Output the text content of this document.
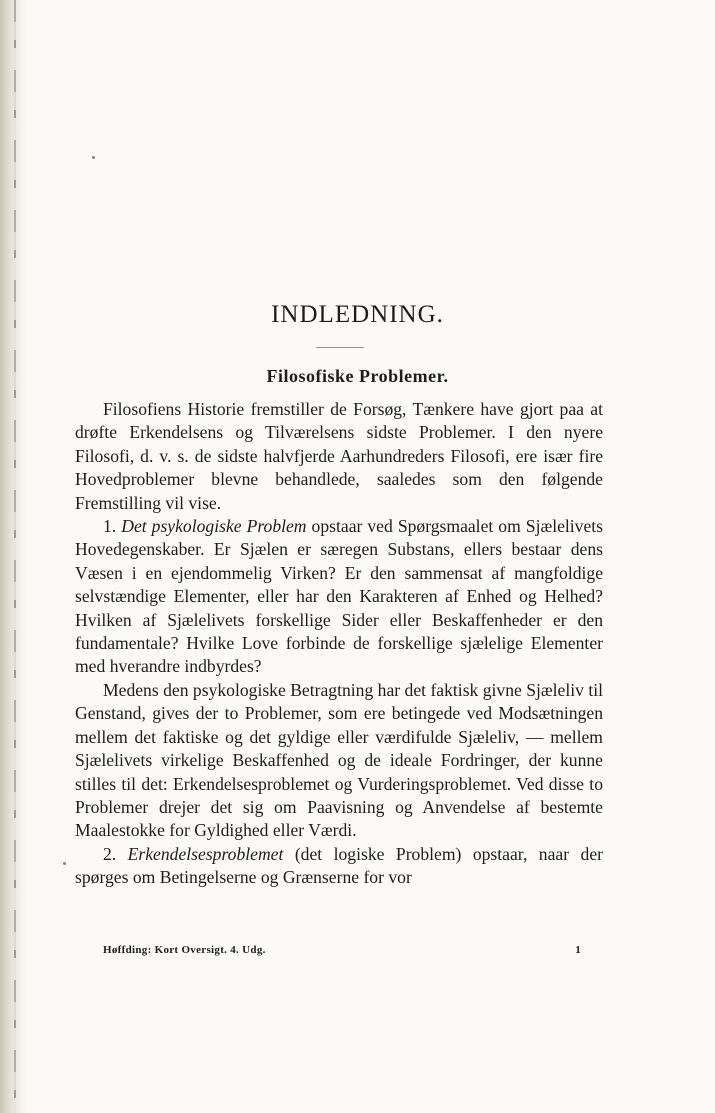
INDLEDNING.
Filosofiske Problemer.

Filosofiens Historie fremstiller de Forsøg, Tænkere have gjort paa at drøfte Erkendelsens og Tilværelsens sidste Problemer. I den nyere Filosofi, d. v. s. de sidste halvfjerde Aarhundreders Filosofi, ere især fire Hovedproblemer blevne behandlede, saaledes som den følgende Fremstilling vil vise.

1. Det psykologiske Problem opstaar ved Spørgsmaalet om Sjælelivets Hovedegenskaber. Er Sjælen er særegen Substans, ellers bestaar dens Væsen i en ejendommelig Virken? Er den sammensat af mangfoldige selvstændige Elementer, eller har den Karakteren af Enhed og Helhed? Hvilken af Sjælelivets forskellige Sider eller Beskaffenheder er den fundamentale? Hvilke Love forbinde de forskellige sjælelige Elementer med hverandre indbyrdes?

Medens den psykologiske Betragtning har det faktisk givne Sjæleliv til Genstand, gives der to Problemer, som ere betingede ved Modsætningen mellem det faktiske og det gyldige eller værdifulde Sjæleliv, — mellem Sjælelivets virkelige Beskaffenhed og de ideale Fordringer, der kunne stilles til det: Erkendelsesproblemet og Vurderingsproblemet. Ved disse to Problemer drejer det sig om Paavisning og Anvendelse af bestemte Maalestokke for Gyldighed eller Værdi.

2. Erkendelsesproblemet (det logiske Problem) opstaar, naar der spørges om Betingelserne og Grænserne for vor

Høffding: Kort Oversigt. 4. Udg.	1
